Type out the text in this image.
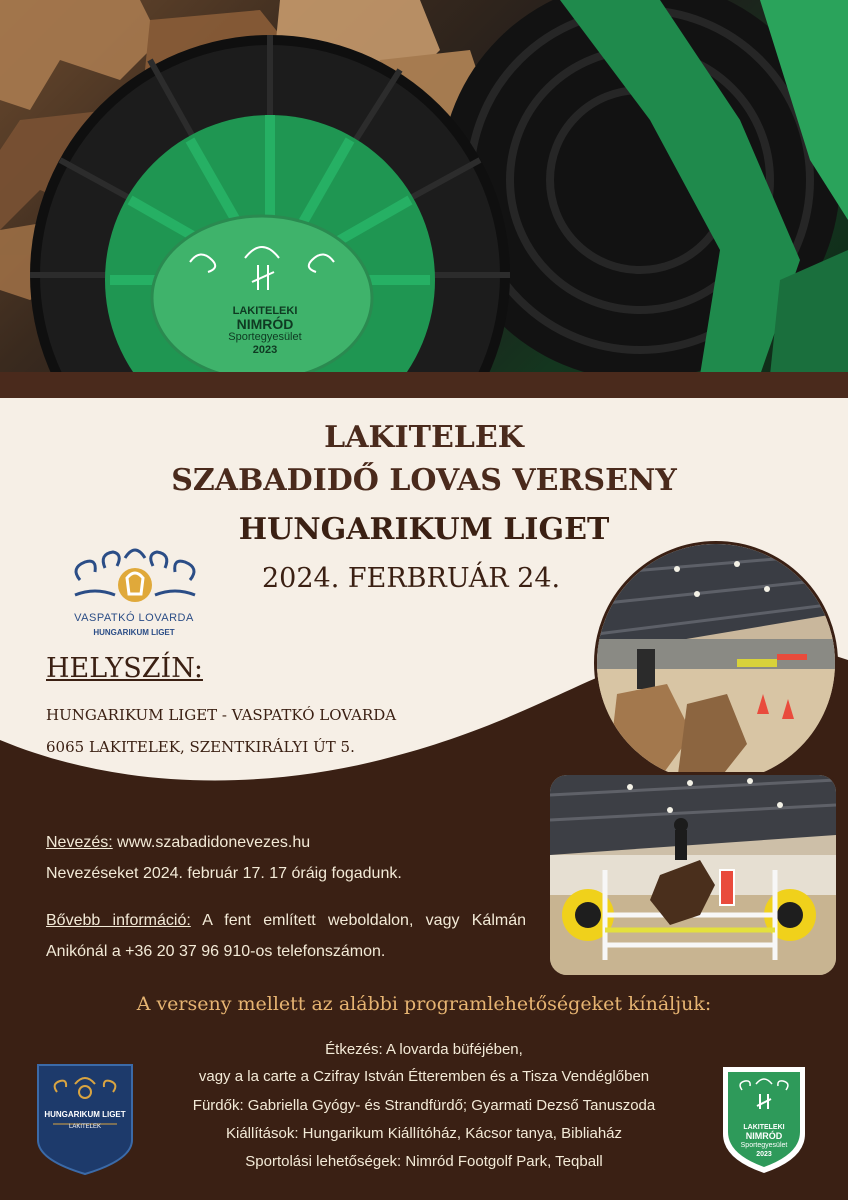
LAKITELEKI
NIMRÓD
Sportegyesület
2023
LAKITELEK
SZABADIDŐ LOVAS VERSENY
HUNGARIKUM LIGET
2024. FERBRUÁR 24.
VASPATKÓ LOVARDA
HUNGARIKUM LIGET
HELYSZÍN:
HUNGARIKUM LIGET - VASPATKÓ LOVARDA
6065 LAKITELEK, SZENTKIRÁLYI ÚT 5.
Nevezés: www.szabadidonevezes.hu
Nevezéseket 2024. február 17. 17 óráig fogadunk.
Bővebb információ: A fent említett weboldalon, vagy Kálmán Anikónál a +36 20 37 96 910-os telefonszámon.
A verseny mellett az alábbi programlehetőségeket kínáljuk:
Étkezés: A lovarda büféjében,
vagy a la carte a Czifray István Étteremben és a Tisza Vendéglőben
Fürdők: Gabriella Gyógy- és Strandfürdő; Gyarmati Dezső Tanuszoda
Kiállítások: Hungarikum Kiállítóház, Kácsor tanya, Bibliaház
Sportolási lehetőségek: Nimród Footgolf Park, Teqball
HUNGARIKUM LIGET
LAKITELEK	LAKITELEKI
NIMRÓD
Sportegyesület
2023
